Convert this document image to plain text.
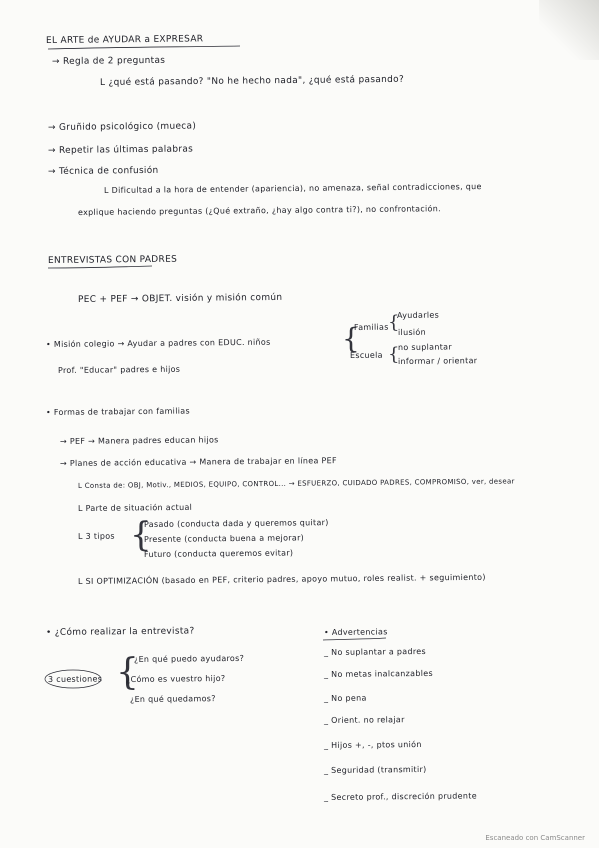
EL ARTE de AYUDAR a EXPRESAR
→ Regla de 2 preguntas
L ¿qué está pasando? "No he hecho nada", ¿qué está pasando?
→ Gruñido psicológico (mueca)
→ Repetir las últimas palabras
→ Técnica de confusión
L Dificultad a la hora de entender (apariencia), no amenaza, señal contradicciones, que
explique haciendo preguntas (¿Qué extraño, ¿hay algo contra ti?), no confrontación.
ENTREVISTAS CON PADRES
PEC + PEF → OBJET. visión y misión común
Ayudarles
{
Familias
ilusión
{
• Misión colegio → Ayudar a padres con EDUC. niños	no suplantar
{
Escuela
informar / orientar
Prof. "Educar" padres e hijos
• Formas de trabajar con familias
→ PEF → Manera padres educan hijos
→ Planes de acción educativa → Manera de trabajar en línea PEF
L Consta de: OBJ, Motiv., MEDIOS, EQUIPO, CONTROL... → ESFUERZO, CUIDADO PADRES, COMPROMISO, ver, desear
L Parte de situación actual
Pasado (conducta dada y queremos quitar)
L 3 tipos {
Presente (conducta buena a mejorar)
Futuro (conducta queremos evitar)
L SI OPTIMIZACIÓN (basado en PEF, criterio padres, apoyo mutuo, roles realist. + seguimiento)
• ¿Cómo realizar la entrevista?	• Advertencias
¿En qué puedo ayudaros?
_ No suplantar a padres
3 cuestiones {
¿Cómo es vuestro hijo?	_ No metas inalcanzables
¿En qué quedamos?	_ No pena
_ Orient. no relajar
_ Hijos +, -, ptos unión
_ Seguridad (transmitir)
_ Secreto prof., discreción prudente
Escaneado con CamScanner
